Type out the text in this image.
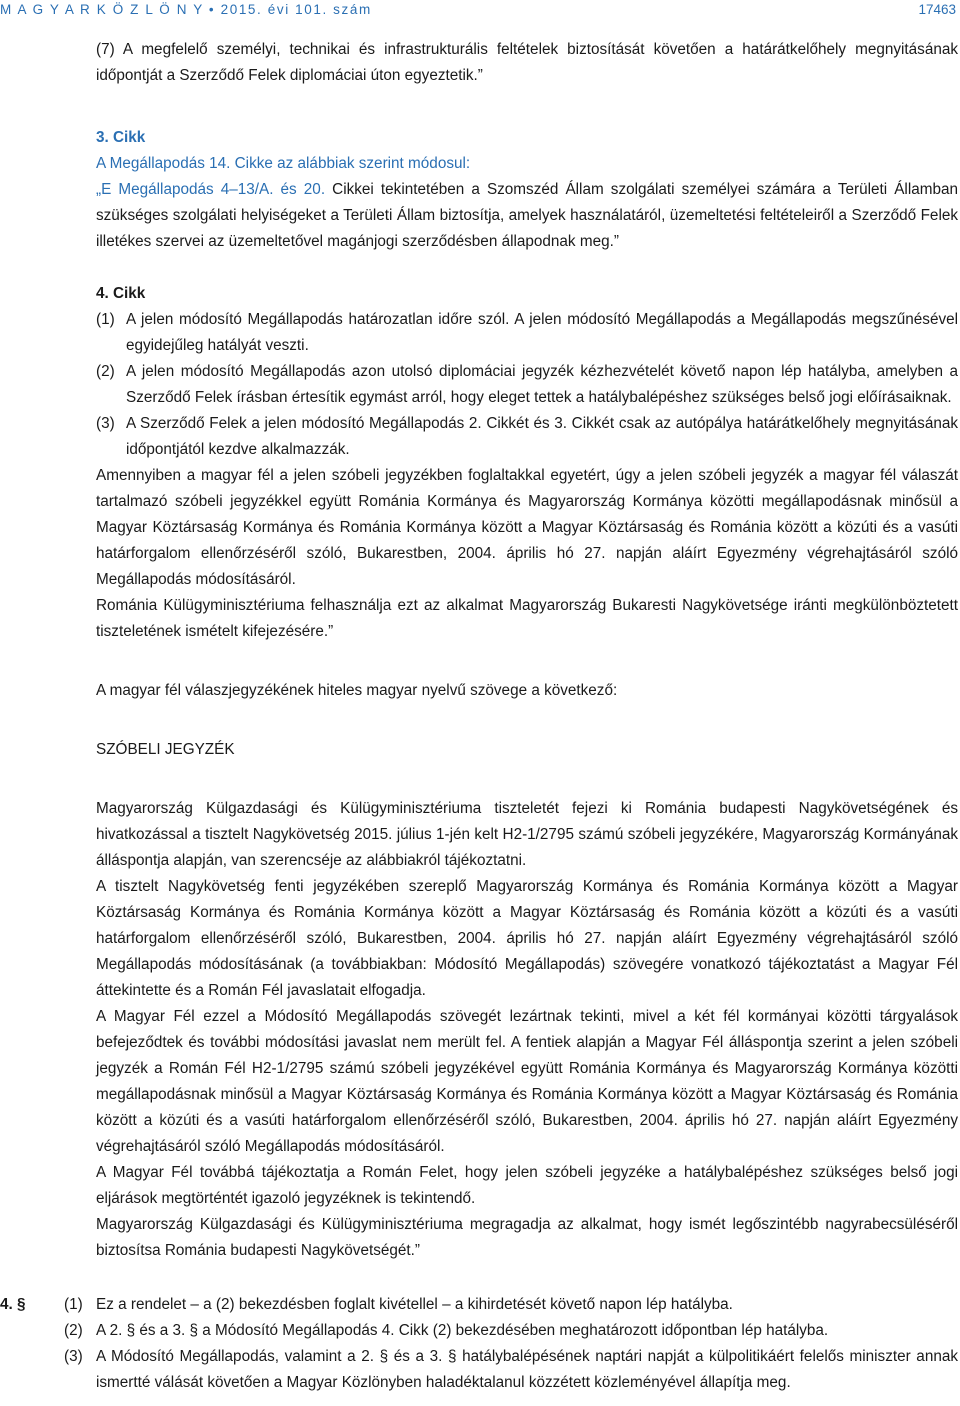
M A G Y A R K Ö Z L Ö N Y • 2015. évi 101. szám	17463

(7) A megfelelő személyi, technikai és infrastrukturális feltételek biztosítását követően a határátkelőhely megnyitásának időpontját a Szerződő Felek diplomáciai úton egyeztetik.”

3. Cikk

A Megállapodás 14. Cikke az alábbiak szerint módosul:

„E Megállapodás 4–13/A. és 20. Cikkei tekintetében a Szomszéd Állam szolgálati személyei számára a Területi Államban szükséges szolgálati helyiségeket a Területi Állam biztosítja, amelyek használatáról, üzemeltetési feltételeiről a Szerződő Felek illetékes szervei az üzemeltetővel magánjogi szerződésben állapodnak meg.”

4. Cikk

(1) A jelen módosító Megállapodás határozatlan időre szól. A jelen módosító Megállapodás a Megállapodás megszűnésével egyidejűleg hatályát veszti.
(2) A jelen módosító Megállapodás azon utolsó diplomáciai jegyzék kézhezvételét követő napon lép hatályba, amelyben a Szerződő Felek írásban értesítik egymást arról, hogy eleget tettek a hatálybalépéshez szükséges belső jogi előírásaiknak.
(3) A Szerződő Felek a jelen módosító Megállapodás 2. Cikkét és 3. Cikkét csak az autópálya határátkelőhely megnyitásának időpontjától kezdve alkalmazzák.

Amennyiben a magyar fél a jelen szóbeli jegyzékben foglaltakkal egyetért, úgy a jelen szóbeli jegyzék a magyar fél válaszát tartalmazó szóbeli jegyzékkel együtt Románia Kormánya és Magyarország Kormánya közötti megállapodásnak minősül a Magyar Köztársaság Kormánya és Románia Kormánya között a Magyar Köztársaság és Románia között a közúti és a vasúti határforgalom ellenőrzéséről szóló, Bukarestben, 2004. április hó 27. napján aláírt Egyezmény végrehajtásáról szóló Megállapodás módosításáról.

Románia Külügyminisztériuma felhasználja ezt az alkalmat Magyarország Bukaresti Nagykövetsége iránti megkülönböztetett tiszteletének ismételt kifejezésére.”

A magyar fél válaszjegyzékének hiteles magyar nyelvű szövege a következő:

SZÓBELI JEGYZÉK

Magyarország Külgazdasági és Külügyminisztériuma tiszteletét fejezi ki Románia budapesti Nagykövetségének és hivatkozással a tisztelt Nagykövetség 2015. július 1-jén kelt H2-1/2795 számú szóbeli jegyzékére, Magyarország Kormányának álláspontja alapján, van szerencséje az alábbiakról tájékoztatni.

A tisztelt Nagykövetség fenti jegyzékében szereplő Magyarország Kormánya és Románia Kormánya között a Magyar Köztársaság Kormánya és Románia Kormánya között a Magyar Köztársaság és Románia között a közúti és a vasúti határforgalom ellenőrzéséről szóló, Bukarestben, 2004. április hó 27. napján aláírt Egyezmény végrehajtásáról szóló Megállapodás módosításának (a továbbiakban: Módosító Megállapodás) szövegére vonatkozó tájékoztatást a Magyar Fél áttekintette és a Román Fél javaslatait elfogadja.

A Magyar Fél ezzel a Módosító Megállapodás szövegét lezártnak tekinti, mivel a két fél kormányai közötti tárgyalások befejeződtek és további módosítási javaslat nem merült fel. A fentiek alapján a Magyar Fél álláspontja szerint a jelen szóbeli jegyzék a Román Fél H2-1/2795 számú szóbeli jegyzékével együtt Románia Kormánya és Magyarország Kormánya közötti megállapodásnak minősül a Magyar Köztársaság Kormánya és Románia Kormánya között a Magyar Köztársaság és Románia között a közúti és a vasúti határforgalom ellenőrzéséről szóló, Bukarestben, 2004. április hó 27. napján aláírt Egyezmény végrehajtásáról szóló Megállapodás módosításáról.

A Magyar Fél továbbá tájékoztatja a Román Felet, hogy jelen szóbeli jegyzéke a hatálybalépéshez szükséges belső jogi eljárások megtörténtét igazoló jegyzéknek is tekintendő.

Magyarország Külgazdasági és Külügyminisztériuma megragadja az alkalmat, hogy ismét legőszintébb nagyrabecsüléséről biztosítsa Románia budapesti Nagykövetségét.”

4. §	(1) Ez a rendelet – a (2) bekezdésben foglalt kivétellel – a kihirdetését követő napon lép hatályba.
(2) A 2. § és a 3. § a Módosító Megállapodás 4. Cikk (2) bekezdésében meghatározott időpontban lép hatályba.
(3) A Módosító Megállapodás, valamint a 2. § és a 3. § hatálybalépésének naptári napját a külpolitikáért felelős miniszter annak ismertté válását követően a Magyar Közlönyben haladéktalanul közzétett közleményével állapítja meg.
